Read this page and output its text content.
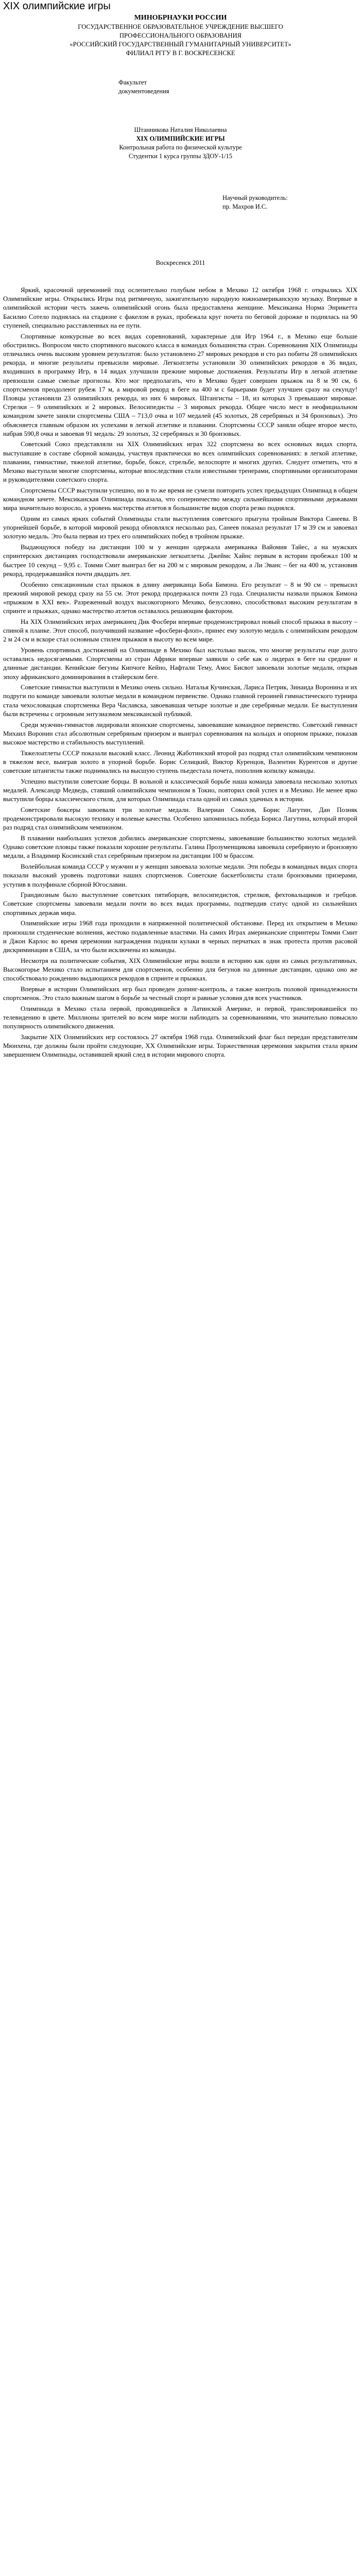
XIX олимпийские игры
МИНОБРНАУКИ РОССИИ
ГОСУДАРСТВЕННОЕ ОБРАЗОВАТЕЛЬНОЕ УЧРЕЖДЕНИЕ ВЫСШЕГО
ПРОФЕССИОНАЛЬНОГО ОБРАЗОВАНИЯ
«РОССИЙСКИЙ ГОСУДАРСТВЕННЫЙ ГУМАНИТАРНЫЙ УНИВЕРСИТЕТ»
ФИЛИАЛ РГГУ В Г. ВОСКРЕСЕНСКЕ
Факультет
документоведения
Штанникова Наталия Николаевна
XIX ОЛИМПИЙСКИЕ ИГРЫ
Контрольная работа по физической культуре
Студентки 1 курса группы ЗДОУ-1/15
Научный руководитель:
пр. Махров И.С.
Воскресенск 2011

Яркий, красочной церемонией под ослепительно голубым небом в Мехико 12 октября 1968 г. открылись XIX Олимпийские игры. Открылись Игры под ритмичную, зажигательную народную южноамериканскую музыку. Впервые в олимпийской истории честь зажечь олимпийский огонь была предоставлена женщине. Мексиканка Норма Энрикетта Басилио Сотело поднялась на стадионе с факелом в руках, пробежала круг почета по беговой дорожке и поднялась на 90 ступеней, специально расставленных на ее пути.

Спортивные конкурсные во всех видах соревнований, характерные для Игр 1964 г., в Мехико еще больше обострились. Вопросом чисто спортивного высокого класса в командах большинства стран. Соревнования XIX Олимпиады отличались очень высоким уровнем результатов: было установлено 27 мировых рекордов и сто раз побиты 28 олимпийских рекорда, и многие результаты превысили мировые. Легкоатлеты установили 30 олимпийских рекордов в 36 видах, входивших в программу Игр, в 14 видах улучшили прежние мировые достижения. Результаты Игр в легкой атлетике превзошли самые смелые прогнозы. Кто мог предполагать, что в Мехико будет совершен прыжок на 8 м 90 см, 6 спортсменов преодолеют рубеж 17 м, а мировой рекорд в беге на 400 м с барьерами будет улучшен сразу на секунду! Пловцы установили 23 олимпийских рекорда, из них 6 мировых. Штангисты – 18, из которых 3 превышают мировые. Стрелки – 9 олимпийских и 2 мировых. Велосипедисты – 3 мировых рекорда. Общее число мест в неофициальном командном зачете заняли спортсмены США – 713,0 очка и 107 медалей (45 золотых, 28 серебряных и 34 бронзовых). Это объясняется главным образом их успехами в легкой атлетике и плавании. Спортсмены СССР заняли общее второе место, набрав 590,8 очка и завоевав 91 медаль: 29 золотых, 32 серебряных и 30 бронзовых.

Советский Союз представляли на XIX Олимпийских играх 322 спортсмена во всех основных видах спорта, выступавшие в составе сборной команды, участвуя практически во всех олимпийских соревнованиях: в легкой атлетике, плавании, гимнастике, тяжелой атлетике, борьбе, боксе, стрельбе, велоспорте и многих других. Следует отметить, что в Мехико выступали многие спортсмены, которые впоследствии стали известными тренерами, спортивными организаторами и руководителями советского спорта.

Спортсмены СССР выступили успешно, но в то же время не сумели повторить успех предыдущих Олимпиад в общем командном зачете. Мексиканская Олимпиада показала, что соперничество между сильнейшими спортивными державами мира значительно возросло, а уровень мастерства атлетов в большинстве видов спорта резко поднялся.

Одним из самых ярких событий Олимпиады стали выступления советского прыгуна тройным Виктора Санеева. В упорнейшей борьбе, в которой мировой рекорд обновлялся несколько раз, Санеев показал результат 17 м 39 см и завоевал золотую медаль. Это была первая из трех его олимпийских побед в тройном прыжке.

Выдающуюся победу на дистанции 100 м у женщин одержала американка Вайомия Тайес, а на мужских спринтерских дистанциях господствовали американские легкоатлеты. Джеймс Хайнс первым в истории пробежал 100 м быстрее 10 секунд – 9,95 с. Томми Смит выиграл бег на 200 м с мировым рекордом, а Ли Эванс – бег на 400 м, установив рекорд, продержавшийся почти двадцать лет.

Особенно сенсационным стал прыжок в длину американца Боба Бимона. Его результат – 8 м 90 см – превысил прежний мировой рекорд сразу на 55 см. Этот рекорд продержался почти 23 года. Специалисты назвали прыжок Бимона «прыжком в XXI век». Разреженный воздух высокогорного Мехико, безусловно, способствовал высоким результатам в спринте и прыжках, однако мастерство атлетов оставалось решающим фактором.

На XIX Олимпийских играх американец Дик Фосбери впервые продемонстрировал новый способ прыжка в высоту – спиной к планке. Этот способ, получивший название «фосбери-флоп», принес ему золотую медаль с олимпийским рекордом 2 м 24 см и вскоре стал основным стилем прыжков в высоту во всем мире.

Уровень спортивных достижений на Олимпиаде в Мехико был настолько высок, что многие результаты еще долго оставались недосягаемыми. Спортсмены из стран Африки впервые заявили о себе как о лидерах в беге на средние и длинные дистанции. Кенийские бегуны Кипчоге Кейно, Нафтали Тему, Амос Бисвот завоевали золотые медали, открыв эпоху африканского доминирования в стайерском беге.

Советские гимнастки выступили в Мехико очень сильно. Наталья Кучинская, Лариса Петрик, Зинаида Воронина и их подруги по команде завоевали золотые медали в командном первенстве. Однако главной героиней гимнастического турнира стала чехословацкая спортсменка Вера Чаславска, завоевавшая четыре золотые и две серебряные медали. Ее выступления были встречены с огромным энтузиазмом мексиканской публикой.

Среди мужчин-гимнастов лидировали японские спортсмены, завоевавшие командное первенство. Советский гимнаст Михаил Воронин стал абсолютным серебряным призером и выиграл соревнования на кольцах и опорном прыжке, показав высокое мастерство и стабильность выступлений.

Тяжелоатлеты СССР показали высокий класс. Леонид Жаботинский второй раз подряд стал олимпийским чемпионом в тяжелом весе, выиграв золото в упорной борьбе. Борис Селицкий, Виктор Куренцов, Валентин Курентсов и другие советские штангисты также поднимались на высшую ступень пьедестала почета, пополнив копилку команды.

Успешно выступили советские борцы. В вольной и классической борьбе наша команда завоевала несколько золотых медалей. Александр Медведь, ставший олимпийским чемпионом в Токио, повторил свой успех и в Мехико. Не менее ярко выступили борцы классического стиля, для которых Олимпиада стала одной из самых удачных в истории.

Советские боксеры завоевали три золотые медали. Валериан Соколов, Борис Лагутин, Дан Позняк продемонстрировали высокую технику и волевые качества. Особенно запомнилась победа Бориса Лагутина, который второй раз подряд стал олимпийским чемпионом.

В плавании наибольших успехов добились американские спортсмены, завоевавшие большинство золотых медалей. Однако советские пловцы также показали хорошие результаты. Галина Прозуменщикова завоевала серебряную и бронзовую медали, а Владимир Косинский стал серебряным призером на дистанции 100 м брассом.

Волейбольная команда СССР у мужчин и у женщин завоевала золотые медали. Эти победы в командных видах спорта показали высокий уровень подготовки наших спортсменов. Советские баскетболисты стали бронзовыми призерами, уступив в полуфинале сборной Югославии.

Грандиозным было выступление советских пятиборцев, велосипедистов, стрелков, фехтовальщиков и гребцов. Советские спортсмены завоевали медали почти во всех видах программы, подтвердив статус одной из сильнейших спортивных держав мира.

Олимпийские игры 1968 года проходили в напряженной политической обстановке. Перед их открытием в Мехико произошли студенческие волнения, жестоко подавленные властями. На самих Играх американские спринтеры Томми Смит и Джон Карлос во время церемонии награждения подняли кулаки в черных перчатках в знак протеста против расовой дискриминации в США, за что были исключены из команды.

Несмотря на политические события, XIX Олимпийские игры вошли в историю как одни из самых результативных. Высокогорье Мехико стало испытанием для спортсменов, особенно для бегунов на длинные дистанции, однако оно же способствовало рождению выдающихся рекордов в спринте и прыжках.

Впервые в истории Олимпийских игр был проведен допинг-контроль, а также контроль половой принадлежности спортсменок. Это стало важным шагом в борьбе за честный спорт и равные условия для всех участников.

Олимпиада в Мехико стала первой, проводившейся в Латинской Америке, и первой, транслировавшейся по телевидению в цвете. Миллионы зрителей во всем мире могли наблюдать за соревнованиями, что значительно повысило популярность олимпийского движения.

Закрытие XIX Олимпийских игр состоялось 27 октября 1968 года. Олимпийский флаг был передан представителям Мюнхена, где должны были пройти следующие, XX Олимпийские игры. Торжественная церемония закрытия стала ярким завершением Олимпиады, оставившей яркий след в истории мирового спорта.
